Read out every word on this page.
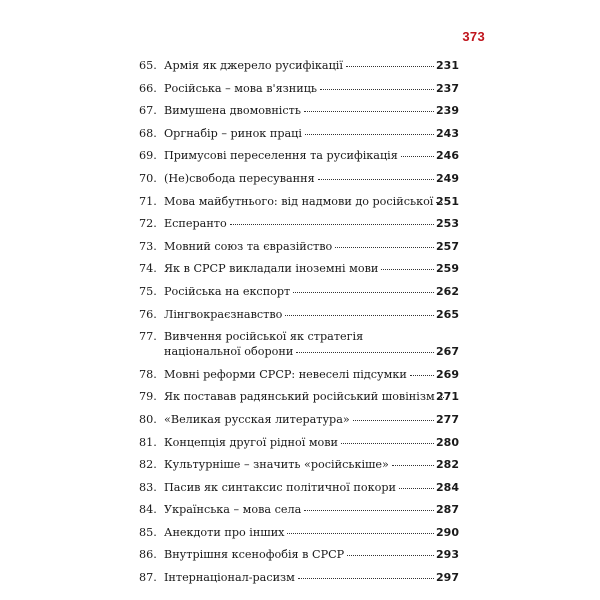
373
65. Армія як джерело русифікації	231
66. Російська – мова в'язниць	237
67. Вимушена двомовність	239
68. Оргнабір – ринок праці	243
69. Примусові переселення та русифікація	246
70. (Не)свобода пересування	249
71. Мова майбутнього: від надмови до російської 251
72. Есперанто	253
73. Мовний союз та євразійство	257
74. Як в СРСР викладали іноземні мови	259
75. Російська на експорт	262
76. Лінгвокраєзнавство	265
77. Вивчення російської як стратегія
національної оборони	267
78. Мовні реформи СРСР: невеселі підсумки	269
79. Як поставав радянський російський шовінізм 271
80. «Великая русская литература»	277
81. Концепція другої рідної мови	280
82. Культурніше – значить «російськіше»	282
83. Пасив як синтаксис політичної покори	284
84. Українська – мова села	287
85. Анекдоти про інших	290
86. Внутрішня ксенофобія в СРСР	293
87. Інтернаціонал-расизм	297
